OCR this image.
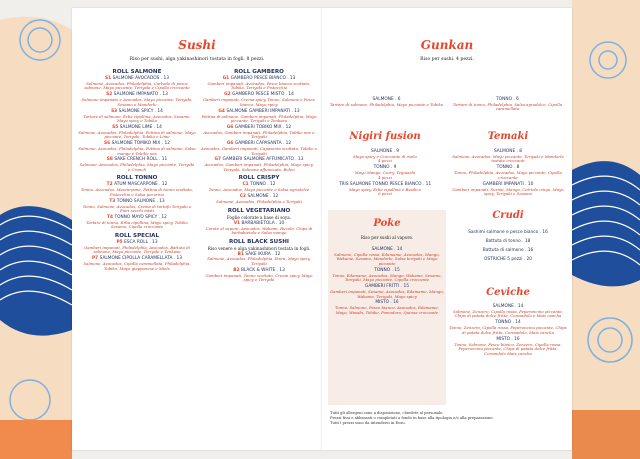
Sushi
Riso per sushi, alga yakinashinori tostata in fogli. 8 pezzi.
ROLL SALMONE
S1 SALMONE AVOCADOS . 13
Salmone, Avocados, Philadelphia, Carlvale di pesce salmone, Mayo piccante, Teriyaki e Cipolla croccante
S2 SALMONE IMPANATO . 13
Salmone impanato e Avocados, Mayo piccante, Teriyaki, Sesamo e Mandorle
S3 SALMONE SPICY . 14
Tartare di salmone, Erba cipollina, Avocados, Sesamo, Mayo spicy e Tobiko
S5 SALMONE LIME . 14
Salmone, Avocados, Philadelphia, Fettina di salmone, Mayo piccante, Teriyaki, Tobiko e Lime
S6 SALMONE TOMIKO MIX . 12
Salmone, Avocados, Philadelphia, Fettina di salmone, Salsa mango e Tobiko mix
S8 SAKE CRENCH ROLL . 11
Salmone, Avocados, Philadelphia, Mayo piccante, Teriyaki e Crunch
ROLL TONNO
T2 ATUM MASCARPONE . 12
Tonno, Avocados, Mascarpone, Fettina di tonno scottato, Pistacchio e Salsa pecorino
T3 TONNO SALMONE . 13
Tonno, Salmone, Avocados, Crema di tartufo Teriyaki e Fiori secchi misti
T4 TONNO MAYO SPICY . 12
Tartare di tonno, Erba cipollina, Mayo spicy, Tobiko Sesamo, Cipolla croccante
ROLL SPECIAL
P5 ESCA ROLL . 13
Gamberi impanati, Philadelphia, Avocados, Battuto di salmone, Mayo piccante, Teriyaki e Tenkasu
P7 SALMONE CIPOLLA CARAMELLATA . 13
Salmone, Avocados, Cipolla caramellata, Philadelphia, Tobiko, Mayo giapponese e Miele
ROLL GAMBERO
G1 GAMBERO PESCE BIANCO . 13
Gamberi impanati, Avocados, Pesce bianco scottato, Tobiko, Teriyaki e Pistacchio
G2 GAMBERO PESCE MISTO . 14
Gamberi impanati, Crema spicy, Tonno, Salmone e Pesce bianco, Mayo spicy
G4 SALMONE GAMBERI IMPANATI . 13
Fettina di salmone, Gamberi impanati, Philadelphia, Mayo piccante, Teriyaki e Tenkasu
G6 GAMBERI TOBIKO MIX . 12
Avocados, Gamberi impanati, Philadelphia, Tobiko mix e Teriyaki
G6 GAMBERI CAPASANTA . 12
Avocados, Gamberi impanati, Capasanta scottata, Tobiko e Teriyaki
G7 GAMBERI SALMONE AFFUMICATO . 13
Avocados, Gamberi impanati, Philadelphia, Mayo spicy, Teriyaki, Salmone affumicato, Boleo
ROLL CRISPY
C1 TONNO . 12
Tonno, Avocados, Mayo piccante e Salsa agrodolce
C2 SALMONE . 12
Salmone, Avocados, Philadelphia e Teriyaki
ROLL VEGETARIANO
Foglie colorate a base di soya.
V1 BARBABIETOLA . 10
Carote al vapore, Avocados, Wakami, Rucola, Chips di barbabietola e Salsa mango
ROLL BLACK SUSHI
Riso venere e alga yakinashinori tostata in fogli.
B1 SAKE IKURA . 12
Salmone, Avocados, Philadelphia, Ikura, Mayo spicy, Teriyaki
B2 BLACK & WHITE . 13
Gamberi impanati, Tonno scottato, Cream spicy, Mayo spicy e Teriyaki
Gunkan
Riso per sushi. 4 pezzi.
SALMONE . 6
Tartare di salmone, Philadelphia, Mayo piccante e Tobiko
TONNO . 6
Tartare di tonno, Philadelphia, Salsa agrodolce, Cipolla caramellata
Nigiri fusion
SALMONE . 9
Mayo spicy e Croccante di ruolo
4 pezzi
TONNO . 9
Mayo Mango, Curry, Teguiashi
4 pezzi
TRIS SALMONE TONNO PESCE BIANCO . 11
Mayo spicy, Erba cipollina e Basilico
6 pezzi
Temaki
SALMONE . 8
Salmone, Avocados, Mayo piccante, Teriyaki e Mandorle tostate croccanti
TONNO . 8
Tonno, Philadelphia, Avocados, Mayo piccante, Cipolla croccante
GAMBERI IMPANATI . 10
Gamberi impanati, Surimi, Mango, Cetriolo cinqu, Mayo spicy, Teriyaki e Sesamo
Poke
Riso per sushi al vapore.
SALMONE . 14
Salmone, Cipolla rossa, Edamame, Avocados, Mango, Wakame, Sesamo, Mandorle, Salsa teriyaki e Mayo piccante
TONNO . 15
Tonno, Edamame, Avocados, Mango, Wakame, Sesamo, Teriyaki, Mayo piccante, Cipolla croccante
GAMBERI FRITTI . 15
Gamberi impanati, Sesamo, Avocados, Edamame, Mango, Wakame, Teriyaki, Mayo spicy
MISTO . 16
Tonno, Salmone, Pesce bianco, Avocados, Edamame, Mayo, Wasabi, Tobiko, Pomodoro, Quinoa croccante
Crudi
Sashimi salmone e pesce bianco . 16
Battuta di tonno . 18
Battuta di salmone . 16
OSTRICHE 5 pezzi . 20
Ceviche
SALMONE . 14
Salmone, Zenzero, Cipolla rossa, Peperoncino piccante, Chips di patata dolce fritta, Coriandolo e Mais cancha
TONNO . 14
Tonno, Zenzero, Cipolla rossa, Peperoncino piccante, Chips di patata dolce fritta, Coriandolo, Mais cancha
MISTO . 16
Tonno, Salmone, Pesce bianco, Zenzero, Cipolla rossa, Peperoncino piccante, Chips di patata dolce fritta, Coriandolo Mais cancha
Tutti gli allergeni sono a disposizione, chiedete al personale.
Prezzi fissi e abbassati o completati a fondo in base alla tipologia e/o alla preparazione.
Tutti i prezzi sono da intendersi in Euro.
